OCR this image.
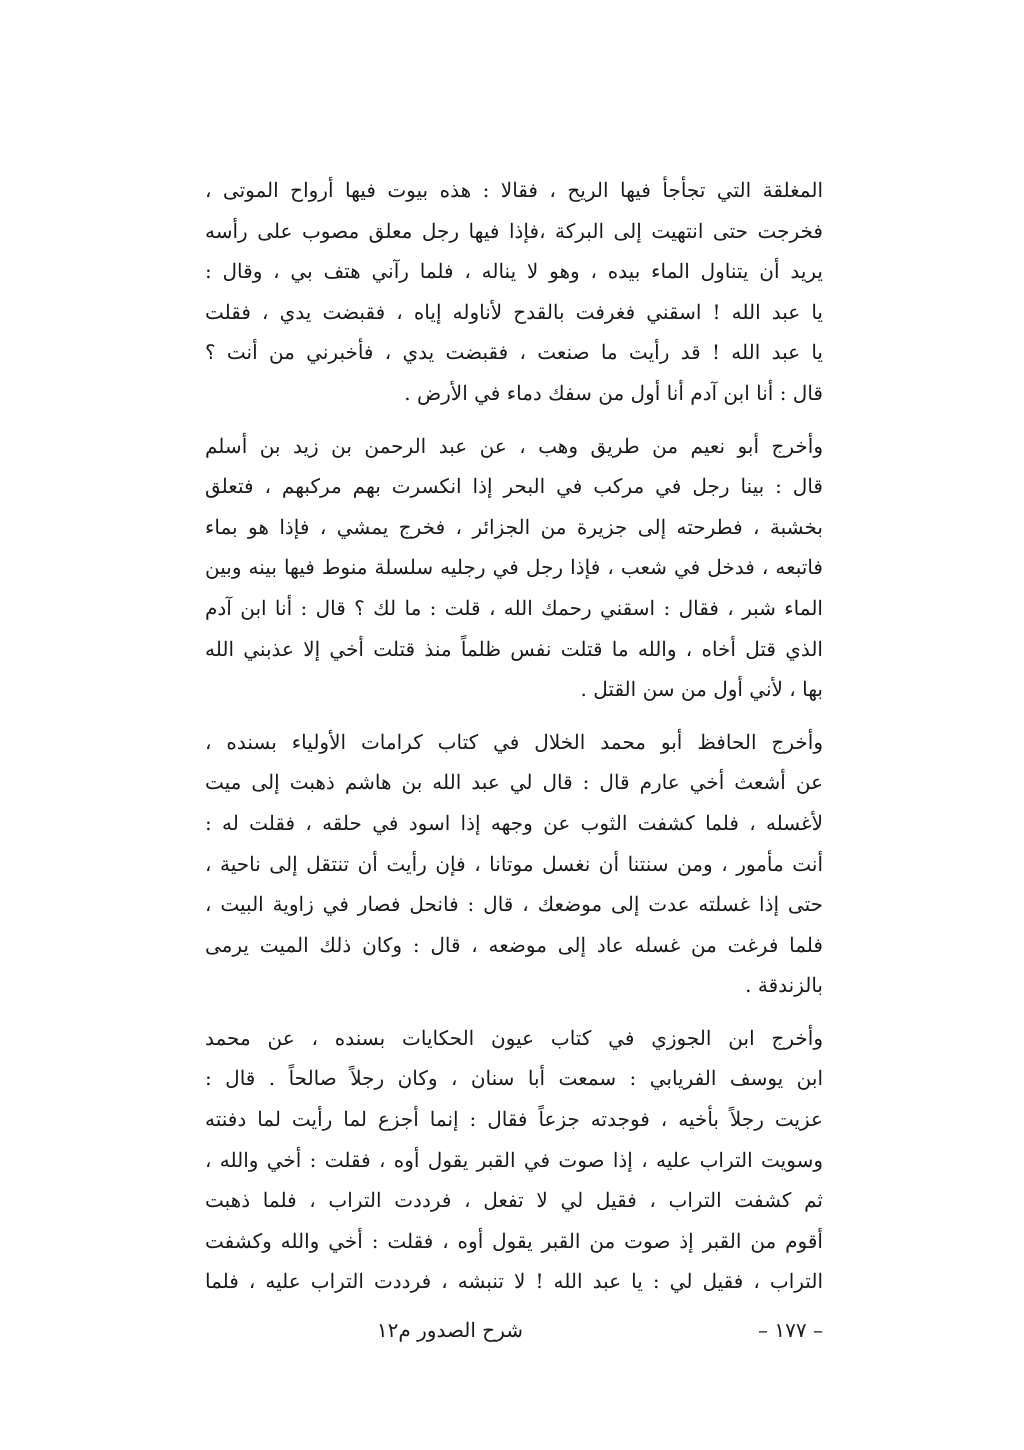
المغلقة التي تجأجأ فيها الريح ، فقالا : هذه بيوت فيها أرواح الموتى ،
فخرجت حتى انتهيت إلى البركة ،فإذا فيها رجل معلق مصوب على رأسه
يريد أن يتناول الماء بيده ، وهو لا يناله ، فلما رآني هتف بي ، وقال :
يا عبد الله ! اسقني فغرفت بالقدح لأناوله إياه ، فقبضت يدي ، فقلت
يا عبد الله ! قد رأيت ما صنعت ، فقبضت يدي ، فأخبرني من أنت ؟
قال : أنا ابن آدم أنا أول من سفك دماء في الأرض .
وأخرج أبو نعيم من طريق وهب ، عن عبد الرحمن بن زيد بن أسلم
قال : بينا رجل في مركب في البحر إذا انكسرت بهم مركبهم ، فتعلق
بخشبة ، فطرحته إلى جزيرة من الجزائر ، فخرج يمشي ، فإذا هو بماء
فاتبعه ، فدخل في شعب ، فإذا رجل في رجليه سلسلة منوط فيها بينه وبين
الماء شبر ، فقال : اسقني رحمك الله ، قلت : ما لك ؟ قال : أنا ابن آدم
الذي قتل أخاه ، والله ما قتلت نفس ظلماً منذ قتلت أخي إلا عذبني الله
بها ، لأني أول من سن القتل .
وأخرج الحافظ أبو محمد الخلال في كتاب كرامات الأولياء بسنده ،
عن أشعث أخي عارم قال : قال لي عبد الله بن هاشم ذهبت إلى ميت
لأغسله ، فلما كشفت الثوب عن وجهه إذا اسود في حلقه ، فقلت له :
أنت مأمور ، ومن سنتنا أن نغسل موتانا ، فإن رأيت أن تنتقل إلى ناحية ،
حتى إذا غسلته عدت إلى موضعك ، قال : فانحل فصار في زاوية البيت ،
فلما فرغت من غسله عاد إلى موضعه ، قال : وكان ذلك الميت يرمى
بالزندقة .
وأخرج ابن الجوزي في كتاب عيون الحكايات بسنده ، عن محمد
ابن يوسف الفريابي : سمعت أبا سنان ، وكان رجلاً صالحاً . قال :
عزيت رجلاً بأخيه ، فوجدته جزعاً فقال : إنما أجزع لما رأيت لما دفنته
وسويت التراب عليه ، إذا صوت في القبر يقول أوه ، فقلت : أخي والله ،
ثم كشفت التراب ، فقيل لي لا تفعل ، فرددت التراب ، فلما ذهبت
أقوم من القبر إذ صوت من القبر يقول أوه ، فقلت : أخي والله وكشفت
التراب ، فقيل لي : يا عبد الله ! لا تنبشه ، فرددت التراب عليه ، فلما
شرح الصدور م١٢	– ١٧٧ –
